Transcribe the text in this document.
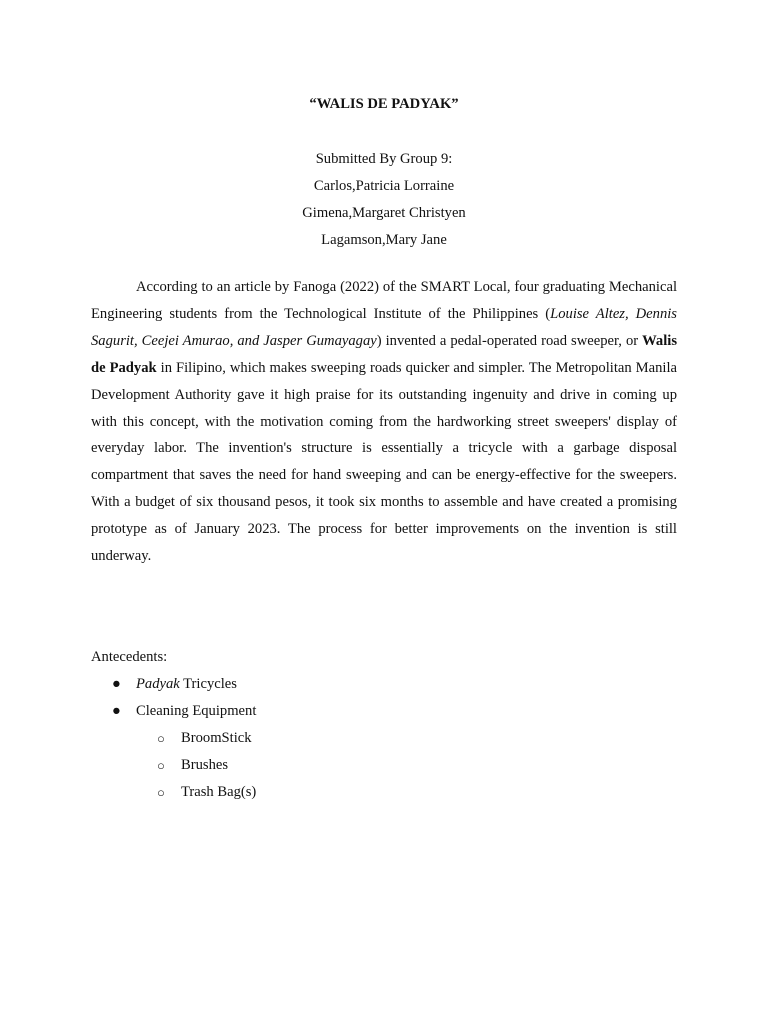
“WALIS DE PADYAK”
Submitted By Group 9:
Carlos,Patricia Lorraine
Gimena,Margaret Christyen
Lagamson,Mary Jane

According to an article by Fanoga (2022) of the SMART Local, four graduating Mechanical Engineering students from the Technological Institute of the Philippines (Louise Altez, Dennis Sagurit, Ceejei Amurao, and Jasper Gumayagay) invented a pedal-operated road sweeper, or Walis de Padyak in Filipino, which makes sweeping roads quicker and simpler. The Metropolitan Manila Development Authority gave it high praise for its outstanding ingenuity and drive in coming up with this concept, with the motivation coming from the hardworking street sweepers' display of everyday labor. The invention's structure is essentially a tricycle with a garbage disposal compartment that saves the need for hand sweeping and can be energy-effective for the sweepers. With a budget of six thousand pesos, it took six months to assemble and have created a promising prototype as of January 2023. The process for better improvements on the invention is still underway.

Antecedents:
● Padyak Tricycles
● Cleaning Equipment
○ BroomStick
○ Brushes
○ Trash Bag(s)
